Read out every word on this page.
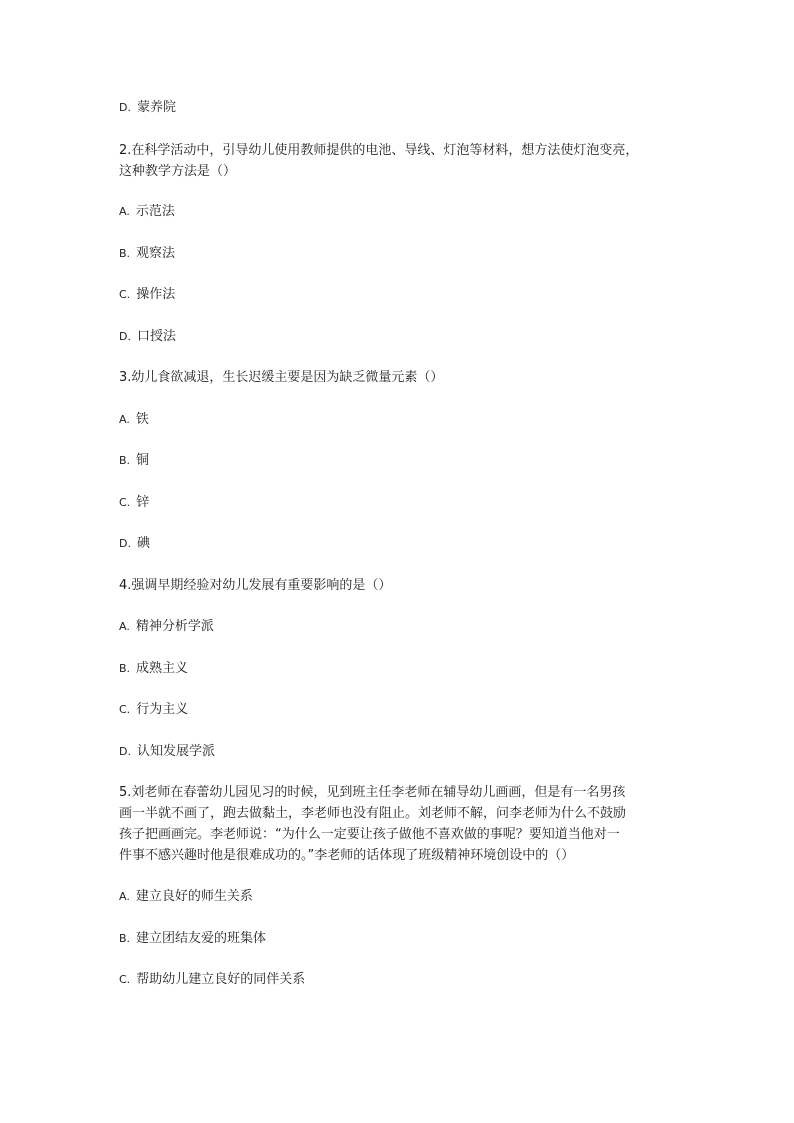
D. 蒙养院
2.在科学活动中，引导幼儿使用教师提供的电池、导线、灯泡等材料，想方法使灯泡变亮，
这种教学方法是（）
A. 示范法
B. 观察法
C. 操作法
D. 口授法
3.幼儿食欲减退，生长迟缓主要是因为缺乏微量元素（）
A. 铁
B. 铜
C. 锌
D. 碘
4.强调早期经验对幼儿发展有重要影响的是（）
A. 精神分析学派
B. 成熟主义
C. 行为主义
D. 认知发展学派
5.刘老师在春蕾幼儿园见习的时候，见到班主任李老师在辅导幼儿画画，但是有一名男孩
画一半就不画了，跑去做黏土，李老师也没有阻止。刘老师不解，问李老师为什么不鼓励
孩子把画画完。李老师说：“为什么一定要让孩子做他不喜欢做的事呢？要知道当他对一
件事不感兴趣时他是很难成功的。”李老师的话体现了班级精神环境创设中的（）
A. 建立良好的师生关系
B. 建立团结友爱的班集体
C. 帮助幼儿建立良好的同伴关系
